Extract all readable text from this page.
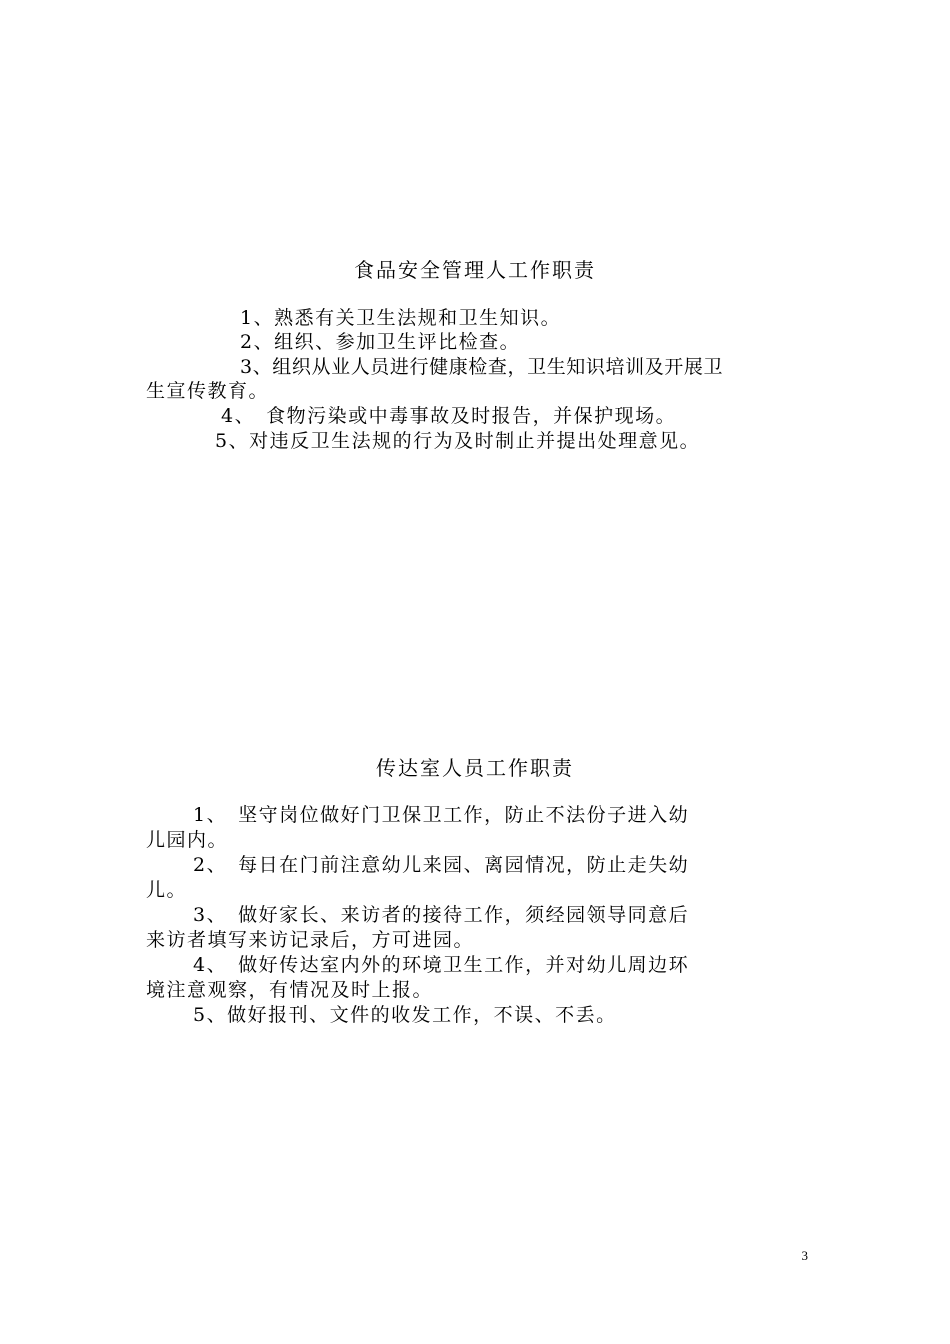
食品安全管理人工作职责
1、熟悉有关卫生法规和卫生知识。
2、组织、参加卫生评比检查。
3、组织从业人员进行健康检查，卫生知识培训及开展卫
生宣传教育。
4、　食物污染或中毒事故及时报告，并保护现场。
5、对违反卫生法规的行为及时制止并提出处理意见。
传达室人员工作职责
1、　坚守岗位做好门卫保卫工作，防止不法份子进入幼
儿园内。
2、　每日在门前注意幼儿来园、离园情况，防止走失幼
儿。
3、　做好家长、来访者的接待工作，须经园领导同意后
来访者填写来访记录后，方可进园。
4、　做好传达室内外的环境卫生工作，并对幼儿周边环
境注意观察，有情况及时上报。
5、做好报刊、文件的收发工作，不误、不丢。
3
